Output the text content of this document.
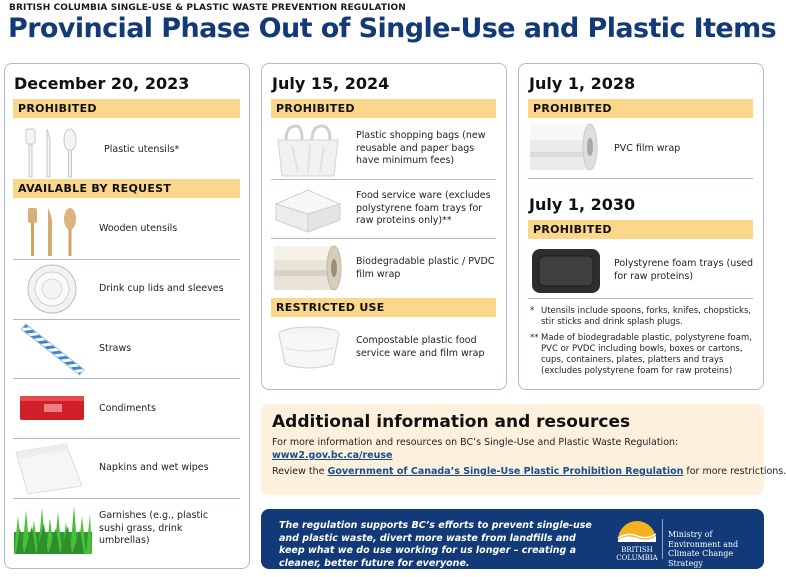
BRITISH COLUMBIA SINGLE-USE & PLASTIC WASTE PREVENTION REGULATION
Provincial Phase Out of Single-Use and Plastic Items
December 20, 2023
PROHIBITED
Plastic utensils*
AVAILABLE BY REQUEST
Wooden utensils
Drink cup lids and sleeves
Straws
Condiments
Napkins and wet wipes
Garnishes (e.g., plastic sushi grass, drink umbrellas)
July 15, 2024
PROHIBITED
Plastic shopping bags (new reusable and paper bags have minimum fees)
Food service ware (excludes polystyrene foam trays for raw proteins only)**
Biodegradable plastic / PVDC film wrap
RESTRICTED USE
Compostable plastic food service ware and film wrap
July 1, 2028
PROHIBITED
PVC film wrap
July 1, 2030
PROHIBITED
Polystyrene foam trays (used for raw proteins)
* Utensils include spoons, forks, knifes, chopsticks, stir sticks and drink splash plugs.
** Made of biodegradable plastic, polystyrene foam, PVC or PVDC including bowls, boxes or cartons, cups, containers, plates, platters and trays (excludes polystyrene foam for raw proteins)
Additional information and resources
For more information and resources on BC’s Single-Use and Plastic Waste Regulation:
www2.gov.bc.ca/reuse
Review the Government of Canada’s Single-Use Plastic Prohibition Regulation for more restrictions.
The regulation supports BC’s efforts to prevent single-use and plastic waste, divert more waste from landfills and keep what we do use working for us longer – creating a cleaner, better future for everyone.
BRITISH
COLUMBIA
Ministry of Environment and Climate Change Strategy
